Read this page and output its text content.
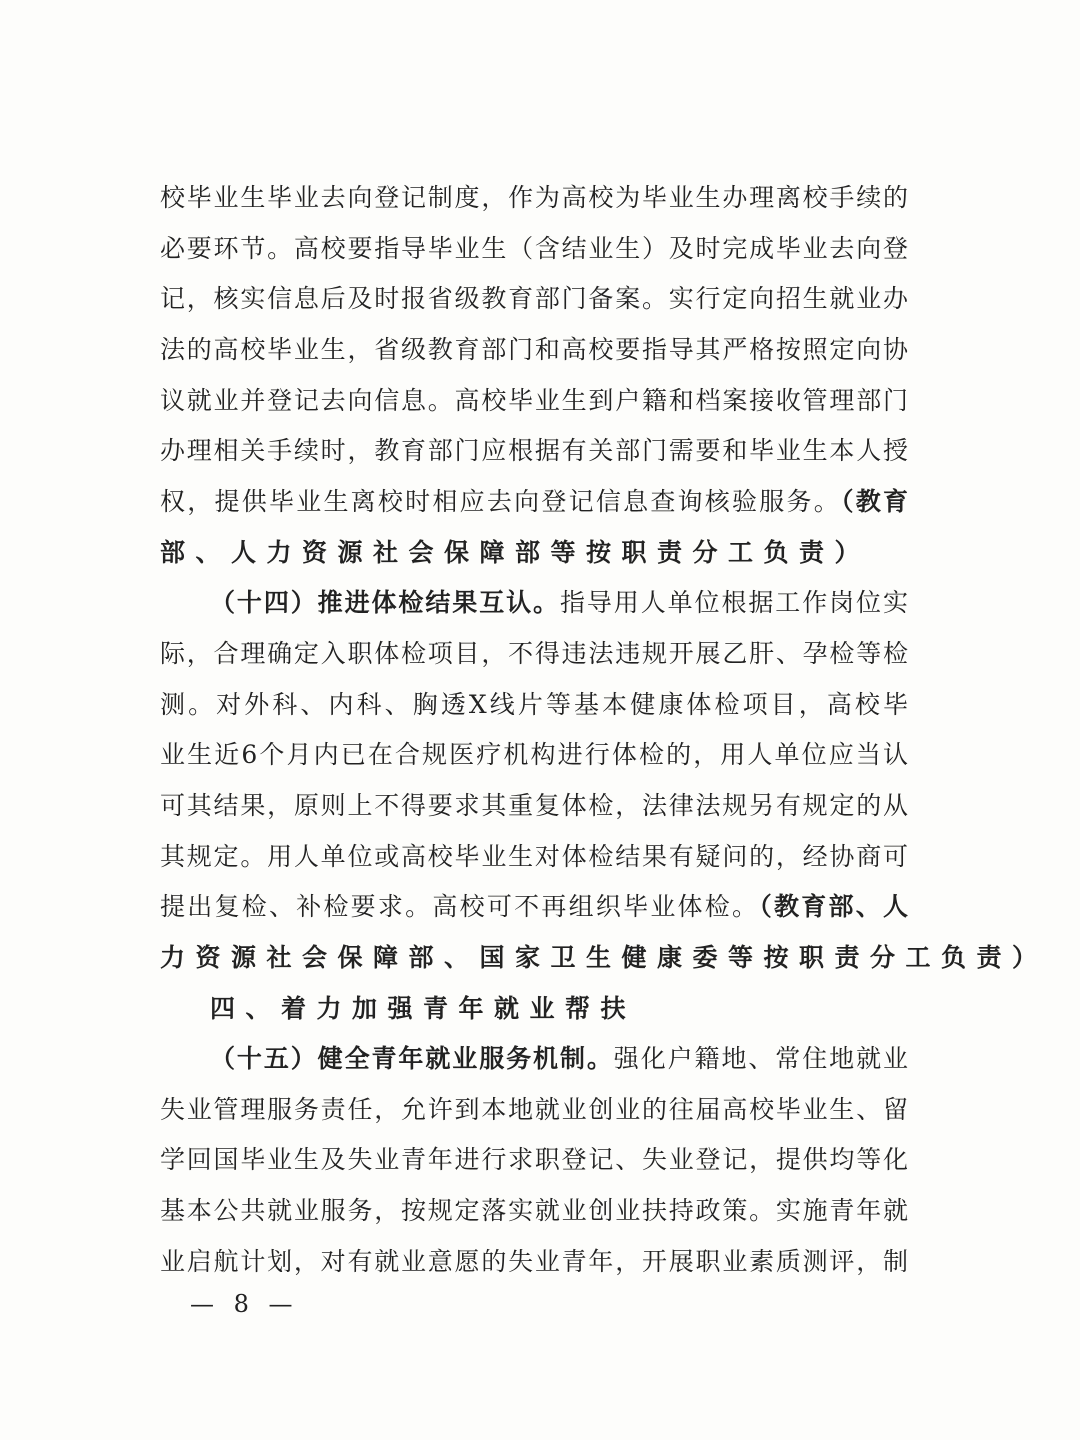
校毕业生毕业去向登记制度，作为高校为毕业生办理离校手续的
必要环节。高校要指导毕业生（含结业生）及时完成毕业去向登
记，核实信息后及时报省级教育部门备案。实行定向招生就业办
法的高校毕业生，省级教育部门和高校要指导其严格按照定向协
议就业并登记去向信息。高校毕业生到户籍和档案接收管理部门
办理相关手续时，教育部门应根据有关部门需要和毕业生本人授
权，提供毕业生离校时相应去向登记信息查询核验服务。（教育
部、人力资源社会保障部等按职责分工负责）
（十四）推进体检结果互认。指导用人单位根据工作岗位实
际，合理确定入职体检项目，不得违法违规开展乙肝、孕检等检
测。对外科、内科、胸透X线片等基本健康体检项目，高校毕
业生近6个月内已在合规医疗机构进行体检的，用人单位应当认
可其结果，原则上不得要求其重复体检，法律法规另有规定的从
其规定。用人单位或高校毕业生对体检结果有疑问的，经协商可
提出复检、补检要求。高校可不再组织毕业体检。（教育部、人
力资源社会保障部、国家卫生健康委等按职责分工负责）
四、着力加强青年就业帮扶
（十五）健全青年就业服务机制。强化户籍地、常住地就业
失业管理服务责任，允许到本地就业创业的往届高校毕业生、留
学回国毕业生及失业青年进行求职登记、失业登记，提供均等化
基本公共就业服务，按规定落实就业创业扶持政策。实施青年就
业启航计划，对有就业意愿的失业青年，开展职业素质测评，制
— 8 —
